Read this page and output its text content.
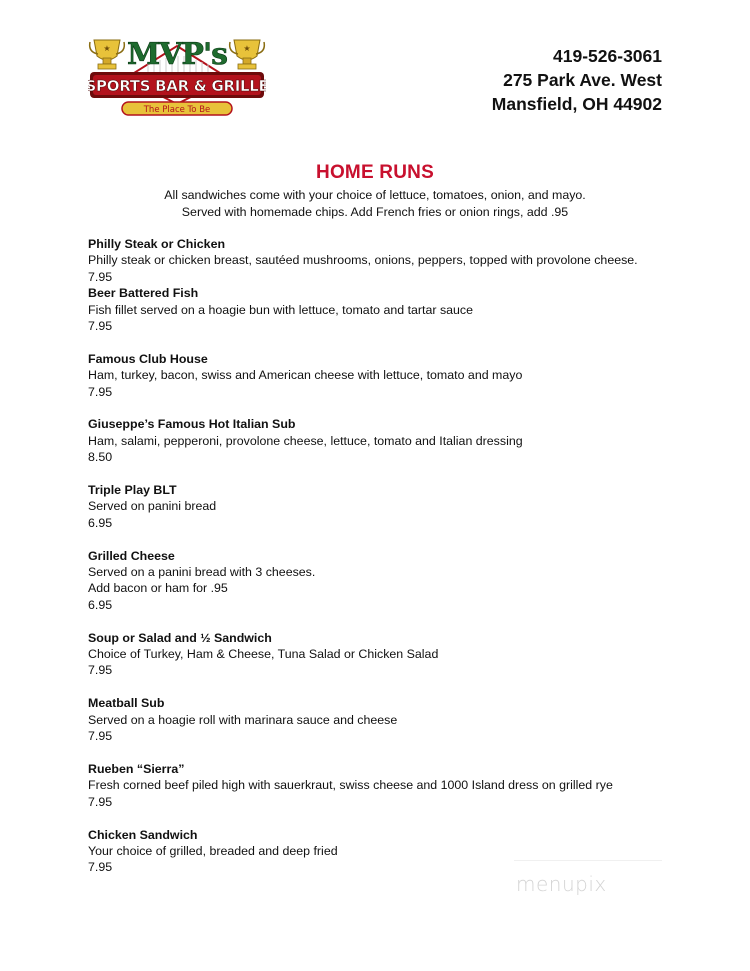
★	★
MVP's
SPORTS BAR & GRILLE
The Place To Be
419-526-3061
275 Park Ave. West
Mansfield, OH 44902
HOME RUNS
All sandwiches come with your choice of lettuce, tomatoes, onion, and mayo.
Served with homemade chips. Add French fries or onion rings, add .95
Philly Steak or Chicken
Philly steak or chicken breast, sautéed mushrooms, onions, peppers, topped with provolone cheese.
7.95
Beer Battered Fish
Fish fillet served on a hoagie bun with lettuce, tomato and tartar sauce
7.95
Famous Club House
Ham, turkey, bacon, swiss and American cheese with lettuce, tomato and mayo
7.95
Giuseppe’s Famous Hot Italian Sub
Ham, salami, pepperoni, provolone cheese, lettuce, tomato and Italian dressing
8.50
Triple Play BLT
Served on panini bread
6.95
Grilled Cheese
Served on a panini bread with 3 cheeses.
Add bacon or ham for .95
6.95
Soup or Salad and ½ Sandwich
Choice of Turkey, Ham & Cheese, Tuna Salad or Chicken Salad
7.95
Meatball Sub
Served on a hoagie roll with marinara sauce and cheese
7.95
Rueben “Sierra”
Fresh corned beef piled high with sauerkraut, swiss cheese and 1000 Island dress on grilled rye
7.95
Chicken Sandwich
Your choice of grilled, breaded and deep fried
7.95
menupix
